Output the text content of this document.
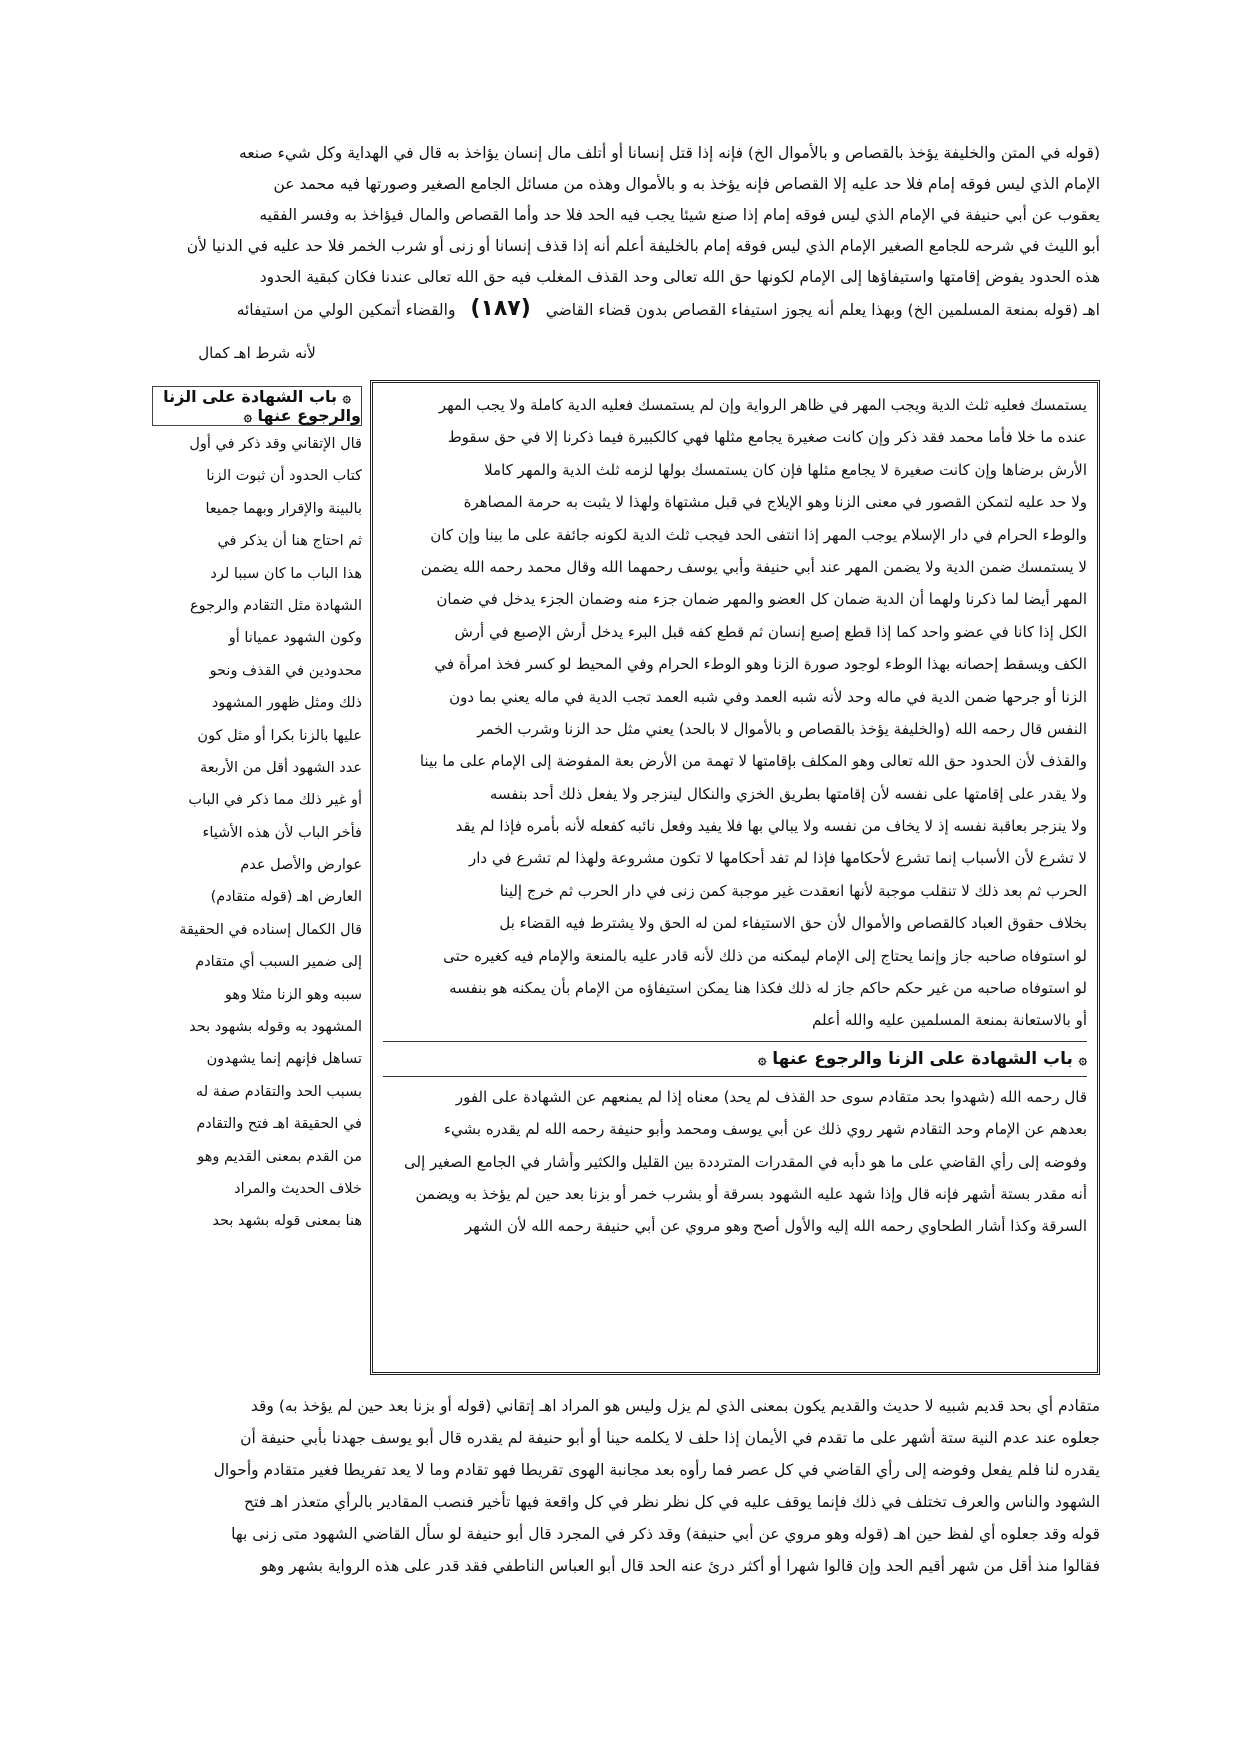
(قوله في المتن والخليفة يؤخذ بالقصاص و بالأموال الخ) فإنه إذا قتل إنسانا أو أتلف مال إنسان يؤاخذ به قال في الهداية وكل شيء صنعه
الإمام الذي ليس فوقه إمام فلا حد عليه إلا القصاص فإنه يؤخذ به و بالأموال وهذه من مسائل الجامع الصغير وصورتها فيه محمد عن
يعقوب عن أبي حنيفة في الإمام الذي ليس فوقه إمام إذا صنع شيئا يجب فيه الحد فلا حد وأما القصاص والمال فيؤاخذ به وفسر الفقيه
أبو الليث في شرحه للجامع الصغير الإمام الذي ليس فوقه إمام بالخليفة أعلم أنه إذا قذف إنسانا أو زنى أو شرب الخمر فلا حد عليه في الدنيا لأن
هذه الحدود يفوض إقامتها واستيفاؤها إلى الإمام لكونها حق الله تعالى وحد القذف المغلب فيه حق الله تعالى عندنا فكان كبقية الحدود
اهـ (قوله بمنعة المسلمين الخ) وبهذا يعلم أنه يجوز استيفاء القصاص بدون قضاء القاضي (١٨٧) والقضاء أتمكين الولي من استيفائه
لأنه شرط اهـ كمال
۞ باب الشهادة على الزنا والرجوع عنها ۞
قال الإتقاني وقد ذكر في أول
كتاب الحدود أن ثبوت الزنا
بالبينة والإقرار وبهما جميعا
ثم احتاج هنا أن يذكر في
هذا الباب ما كان سببا لرد
الشهادة مثل التقادم والرجوع
وكون الشهود عميانا أو
محدودين في القذف ونحو
ذلك ومثل ظهور المشهود
عليها بالزنا بكرا أو مثل كون
عدد الشهود أقل من الأربعة
أو غير ذلك مما ذكر في الباب
فأخر الباب لأن هذه الأشياء
عوارض والأصل عدم
العارض اهـ (قوله متقادم)
قال الكمال إسناده في الحقيقة
إلى ضمير السبب أي متقادم
سببه وهو الزنا مثلا وهو
المشهود به وقوله بشهود بحد
تساهل فإنهم إنما يشهدون
بسبب الحد والتقادم صفة له
في الحقيقة اهـ فتح والتقادم
من القدم بمعنى القديم وهو
خلاف الحديث والمراد
هنا بمعنى قوله بشهد بحد
يستمسك فعليه ثلث الدية ويجب المهر في ظاهر الرواية وإن لم يستمسك فعليه الدية كاملة ولا يجب المهر
عنده ما خلا فأما محمد فقد ذكر وإن كانت صغيرة يجامع مثلها فهي كالكبيرة فيما ذكرنا إلا في حق سقوط
الأرش برضاها وإن كانت صغيرة لا يجامع مثلها فإن كان يستمسك بولها لزمه ثلث الدية والمهر كاملا
ولا حد عليه لتمكن القصور في معنى الزنا وهو الإيلاج في قبل مشتهاة ولهذا لا يثبت به حرمة المصاهرة
والوطء الحرام في دار الإسلام يوجب المهر إذا انتفى الحد فيجب ثلث الدية لكونه جائفة على ما بينا وإن كان
لا يستمسك ضمن الدية ولا يضمن المهر عند أبي حنيفة وأبي يوسف رحمهما الله وقال محمد رحمه الله يضمن
المهر أيضا لما ذكرنا ولهما أن الدية ضمان كل العضو والمهر ضمان جزء منه وضمان الجزء يدخل في ضمان
الكل إذا كانا في عضو واحد كما إذا قطع إصبع إنسان ثم قطع كفه قبل البرء يدخل أرش الإصبع في أرش
الكف ويسقط إحصانه بهذا الوطء لوجود صورة الزنا وهو الوطء الحرام وفي المحيط لو كسر فخذ امرأة في
الزنا أو جرحها ضمن الدية في ماله وحد لأنه شبه العمد وفي شبه العمد تجب الدية في ماله يعني بما دون
النفس قال رحمه الله (والخليفة يؤخذ بالقصاص و بالأموال لا بالحد) يعني مثل حد الزنا وشرب الخمر
والقذف لأن الحدود حق الله تعالى وهو المكلف بإقامتها لا تهمة من الأرض بعة المفوضة إلى الإمام على ما بينا
ولا يقدر على إقامتها على نفسه لأن إقامتها بطريق الخزي والنكال لينزجر ولا يفعل ذلك أحد بنفسه
ولا ينزجر بعاقبة نفسه إذ لا يخاف من نفسه ولا يبالي بها فلا يفيد وفعل نائبه كفعله لأنه بأمره فإذا لم يقد
لا تشرع لأن الأسباب إنما تشرع لأحكامها فإذا لم تفد أحكامها لا تكون مشروعة ولهذا لم تشرع في دار
الحرب ثم بعد ذلك لا تنقلب موجبة لأنها انعقدت غير موجبة كمن زنى في دار الحرب ثم خرج إلينا
بخلاف حقوق العباد كالقصاص والأموال لأن حق الاستيفاء لمن له الحق ولا يشترط فيه القضاء بل
لو استوفاه صاحبه جاز وإنما يحتاج إلى الإمام ليمكنه من ذلك لأنه قادر عليه بالمنعة والإمام فيه كغيره حتى
لو استوفاه صاحبه من غير حكم حاكم جاز له ذلك فكذا هنا يمكن استيفاؤه من الإمام بأن يمكنه هو بنفسه
أو بالاستعانة بمنعة المسلمين عليه والله أعلم
۞ باب الشهادة على الزنا والرجوع عنها ۞
قال رحمه الله (شهدوا بحد متقادم سوى حد القذف لم يحد) معناه إذا لم يمنعهم عن الشهادة على الفور
بعدهم عن الإمام وحد التقادم شهر روي ذلك عن أبي يوسف ومحمد وأبو حنيفة رحمه الله لم يقدره بشيء
وفوضه إلى رأي القاضي على ما هو دأبه في المقدرات المترددة بين القليل والكثير وأشار في الجامع الصغير إلى
أنه مقدر بستة أشهر فإنه قال وإذا شهد عليه الشهود بسرقة أو بشرب خمر أو بزنا بعد حين لم يؤخذ به ويضمن
السرقة وكذا أشار الطحاوي رحمه الله إليه والأول أصح وهو مروي عن أبي حنيفة رحمه الله لأن الشهر
متقادم أي بحد قديم شبيه لا حديث والقديم يكون بمعنى الذي لم يزل وليس هو المراد اهـ إتقاني (قوله أو بزنا بعد حين لم يؤخذ به) وقد
جعلوه عند عدم النية ستة أشهر على ما تقدم في الأيمان إذا حلف لا يكلمه حينا أو أبو حنيفة لم يقدره قال أبو يوسف جهدنا بأبي حنيفة أن
يقدره لنا فلم يفعل وفوضه إلى رأي القاضي في كل عصر فما رأوه بعد مجانبة الهوى تقريطا فهو تقادم وما لا يعد تفريطا فغير متقادم وأحوال
الشهود والناس والعرف تختلف في ذلك فإنما يوقف عليه في كل نظر نظر في كل واقعة فيها تأخير فنصب المقادير بالرأي متعذر اهـ فتح
قوله وقد جعلوه أي لفظ حين اهـ (قوله وهو مروي عن أبي حنيفة) وقد ذكر في المجرد قال أبو حنيفة لو سأل القاضي الشهود متى زنى بها
فقالوا منذ أقل من شهر أقيم الحد وإن قالوا شهرا أو أكثر درئ عنه الحد قال أبو العباس الناطفي فقد قدر على هذه الرواية بشهر وهو
